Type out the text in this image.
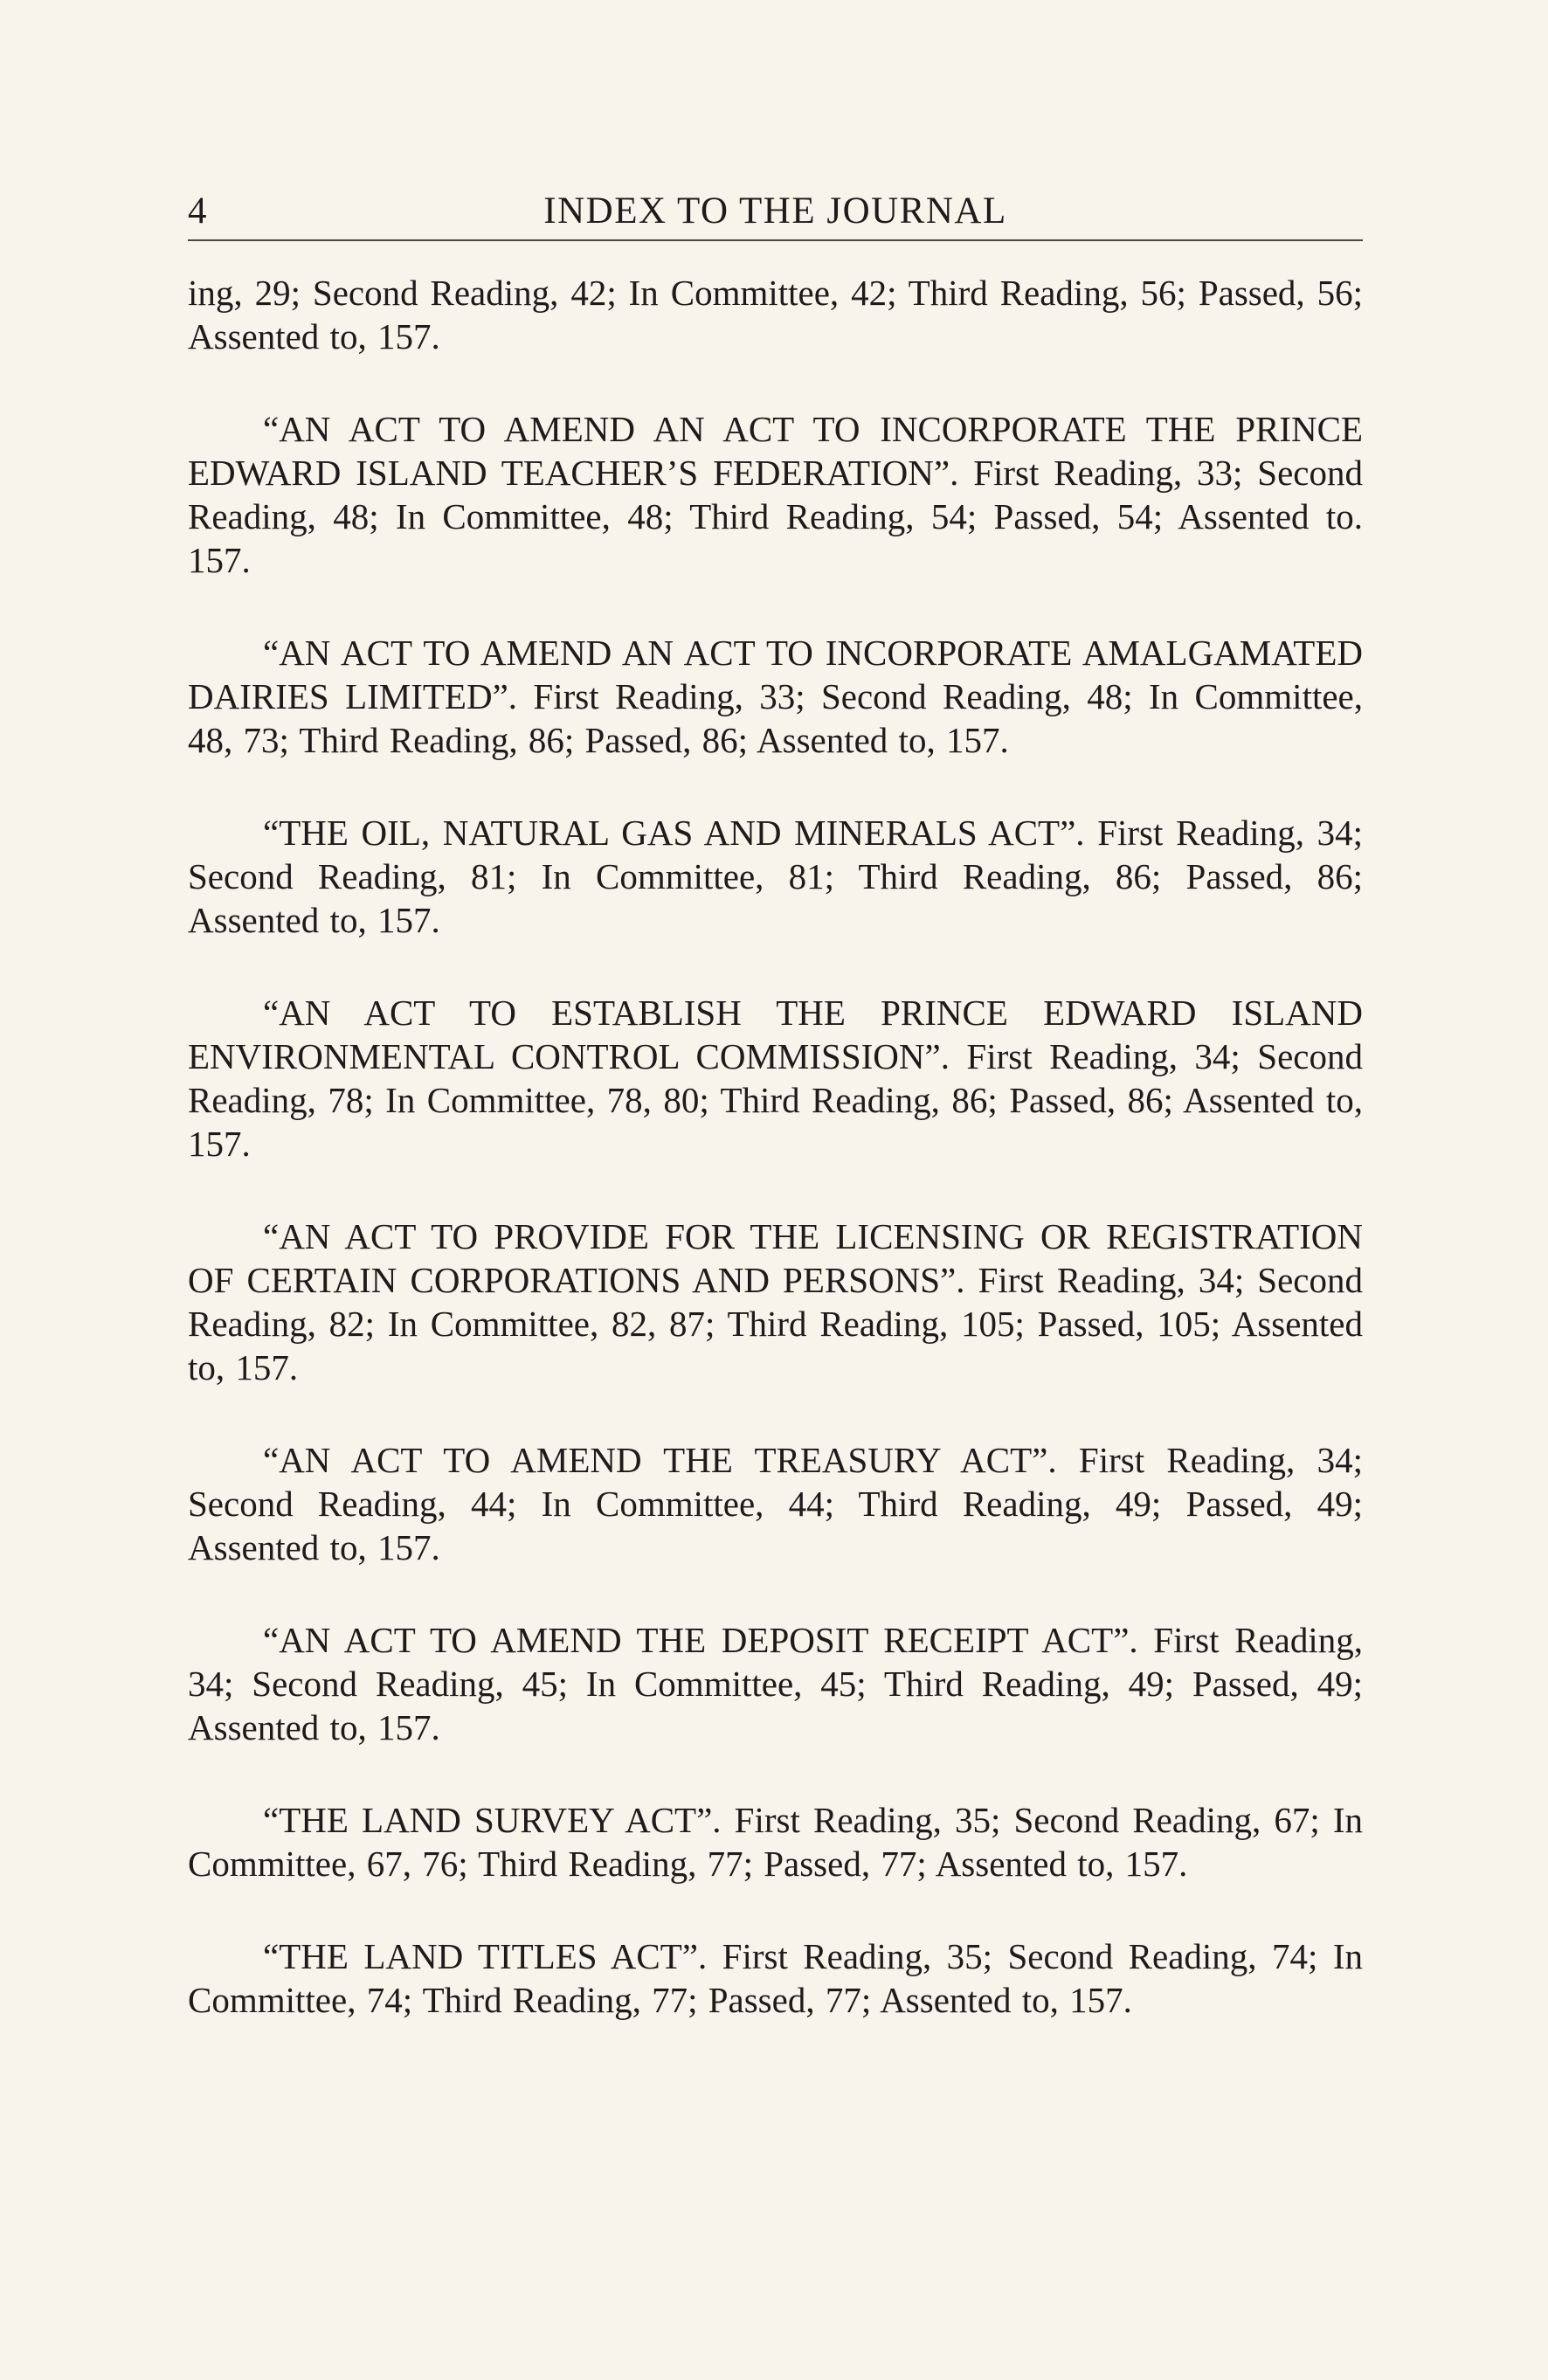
4	INDEX TO THE JOURNAL

ing, 29; Second Reading, 42; In Committee, 42; Third Reading, 56; Passed, 56; Assented to, 157.

“AN ACT TO AMEND AN ACT TO INCORPORATE THE PRINCE EDWARD ISLAND TEACHER’S FEDERATION”. First Reading, 33; Second Reading, 48; In Committee, 48; Third Reading, 54; Passed, 54; Assented to. 157.

“AN ACT TO AMEND AN ACT TO INCORPORATE AMALGAMATED DAIRIES LIMITED”. First Reading, 33; Second Reading, 48; In Committee, 48, 73; Third Reading, 86; Passed, 86; Assented to, 157.

“THE OIL, NATURAL GAS AND MINERALS ACT”. First Reading, 34; Second Reading, 81; In Committee, 81; Third Reading, 86; Passed, 86; Assented to, 157.

“AN ACT TO ESTABLISH THE PRINCE EDWARD ISLAND ENVIRONMENTAL CONTROL COMMISSION”. First Reading, 34; Second Reading, 78; In Committee, 78, 80; Third Reading, 86; Passed, 86; Assented to, 157.

“AN ACT TO PROVIDE FOR THE LICENSING OR REGISTRATION OF CERTAIN CORPORATIONS AND PERSONS”. First Reading, 34; Second Reading, 82; In Committee, 82, 87; Third Reading, 105; Passed, 105; Assented to, 157.

“AN ACT TO AMEND THE TREASURY ACT”. First Reading, 34; Second Reading, 44; In Committee, 44; Third Reading, 49; Passed, 49; Assented to, 157.

“AN ACT TO AMEND THE DEPOSIT RECEIPT ACT”. First Reading, 34; Second Reading, 45; In Committee, 45; Third Reading, 49; Passed, 49; Assented to, 157.

“THE LAND SURVEY ACT”. First Reading, 35; Second Reading, 67; In Committee, 67, 76; Third Reading, 77; Passed, 77; Assented to, 157.

“THE LAND TITLES ACT”. First Reading, 35; Second Reading, 74; In Committee, 74; Third Reading, 77; Passed, 77; Assented to, 157.
